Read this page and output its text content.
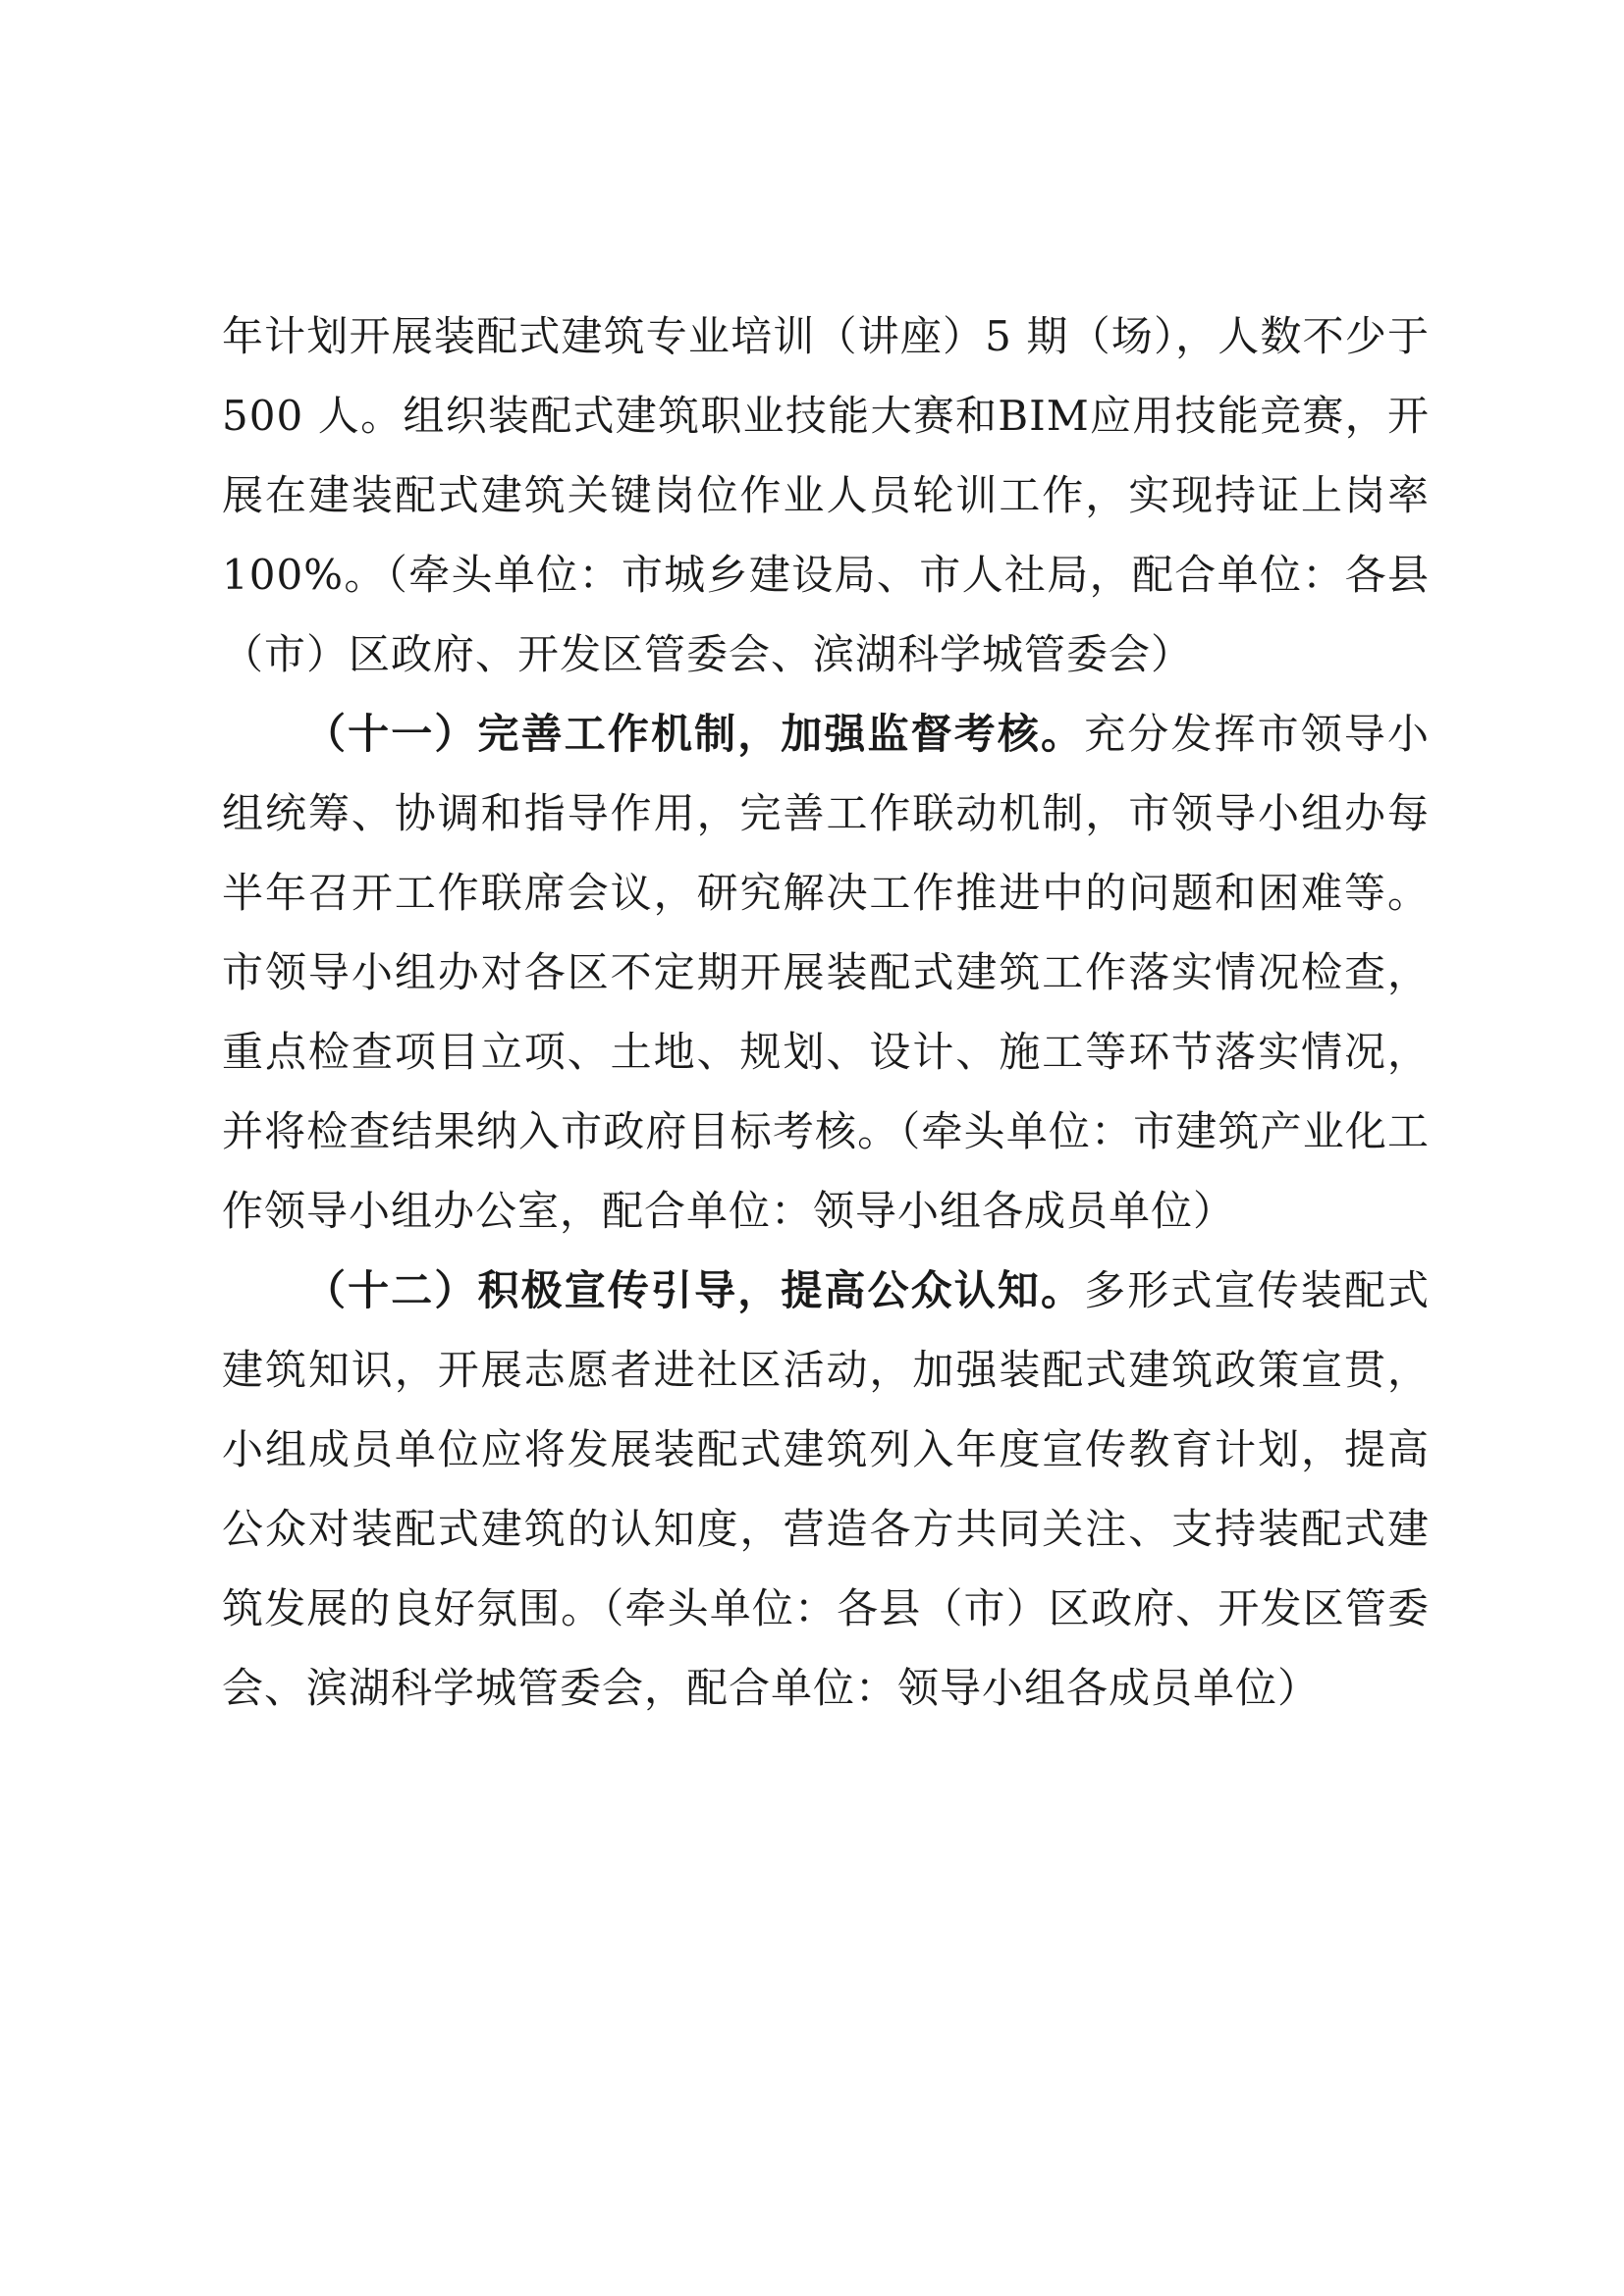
年计划开展装配式建筑专业培训（讲座）5 期（场），人数不少于500 人。组织装配式建筑职业技能大赛和BIM应用技能竞赛，开展在建装配式建筑关键岗位作业人员轮训工作，实现持证上岗率100%。（牵头单位：市城乡建设局、市人社局，配合单位：各县（市）区政府、开发区管委会、滨湖科学城管委会）

（十一）完善工作机制，加强监督考核。充分发挥市领导小组统筹、协调和指导作用，完善工作联动机制，市领导小组办每半年召开工作联席会议，研究解决工作推进中的问题和困难等。市领导小组办对各区不定期开展装配式建筑工作落实情况检查，重点检查项目立项、土地、规划、设计、施工等环节落实情况，并将检查结果纳入市政府目标考核。（牵头单位：市建筑产业化工作领导小组办公室，配合单位：领导小组各成员单位）

（十二）积极宣传引导，提高公众认知。多形式宣传装配式建筑知识，开展志愿者进社区活动，加强装配式建筑政策宣贯，小组成员单位应将发展装配式建筑列入年度宣传教育计划，提高公众对装配式建筑的认知度，营造各方共同关注、支持装配式建筑发展的良好氛围。（牵头单位：各县（市）区政府、开发区管委会、滨湖科学城管委会，配合单位：领导小组各成员单位）
